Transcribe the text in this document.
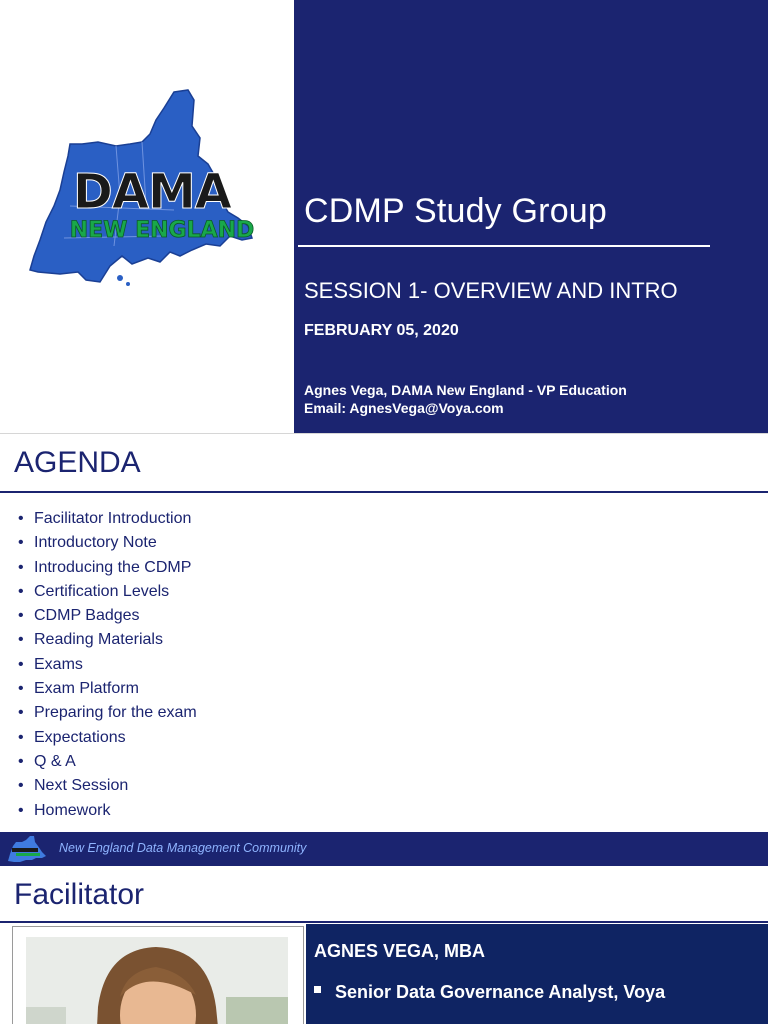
DAMA
NEW ENGLAND
CDMP Study Group
SESSION 1- OVERVIEW AND INTRO
FEBRUARY 05, 2020
Agnes Vega, DAMA New England - VP Education
Email: AgnesVega@Voya.com
AGENDA
• Facilitator Introduction
• Introductory Note
• Introducing the CDMP
• Certification Levels
• CDMP Badges
• Reading Materials
• Exams
• Exam Platform
• Preparing for the exam
• Expectations
• Q & A
• Next Session
• Homework
New England Data Management Community
Facilitator
AGNES VEGA, MBA
Senior Data Governance Analyst, Voya
